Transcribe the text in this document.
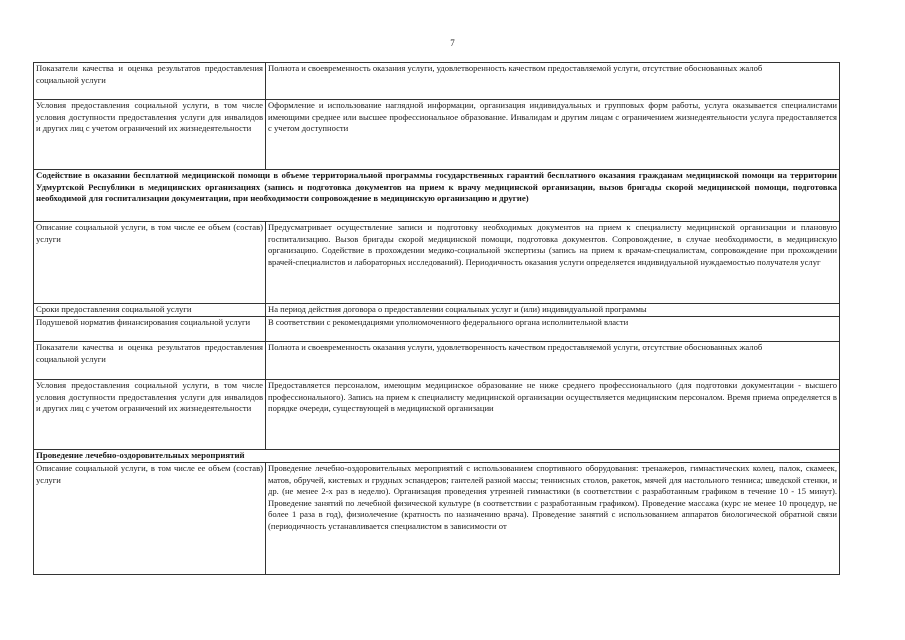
7
Показатели качества и оценка результатов предоставления социальной услуги	Полнота и своевременность оказания услуги, удовлетворенность качеством предоставляемой услуги, отсутствие обоснованных жалоб
Условия предоставления социальной услуги, в том числе условия доступности предоставления услуги для инвалидов и других лиц с учетом ограничений их жизнедеятельности	Оформление и использование наглядной информации, организация индивидуальных и групповых форм работы, услуга оказывается специалистами имеющими среднее или высшее профессиональное образование. Инвалидам и другим лицам с ограничением жизнедеятельности услуга предоставляется с учетом доступности
Содействие в оказании бесплатной медицинской помощи в объеме территориальной программы государственных гарантий бесплатного оказания гражданам медицинской помощи на территории Удмуртской Республики в медицинских организациях (запись и подготовка документов на прием к врачу медицинской организации, вызов бригады скорой медицинской помощи, подготовка необходимой для госпитализации документации, при необходимости сопровождение в медицинскую организацию и другие)	
Описание социальной услуги, в том числе ее объем (состав) услуги	Предусматривает осуществление записи и подготовку необходимых документов на прием к специалисту медицинской организации и плановую госпитализацию. Вызов бригады скорой медицинской помощи, подготовка документов. Сопровождение, в случае необходимости, в медицинскую организацию. Содействие в прохождении медико-социальной экспертизы (запись на прием к врачам-специалистам, сопровождение при прохождении врачей-специалистов и лабораторных исследований). Периодичность оказания услуги определяется индивидуальной нуждаемостью получателя услуг
Сроки предоставления социальной услуги	На период действия договора о предоставлении социальных услуг и (или) индивидуальной программы
Подушевой норматив финансирования социальной услуги	В соответствии с рекомендациями уполномоченного федерального органа исполнительной власти
Показатели качества и оценка результатов предоставления социальной услуги	Полнота и своевременность оказания услуги, удовлетворенность качеством предоставляемой услуги, отсутствие обоснованных жалоб
Условия предоставления социальной услуги, в том числе условия доступности предоставления услуги для инвалидов и других лиц с учетом ограничений их жизнедеятельности	Предоставляется персоналом, имеющим медицинское образование не ниже среднего профессионального (для подготовки документации - высшего профессионального). Запись на прием к специалисту медицинской организации осуществляется медицинским персоналом. Время приема определяется в порядке очереди, существующей в медицинской организации
Проведение лечебно-оздоровительных мероприятий	
Описание социальной услуги, в том числе ее объем (состав) услуги	Проведение лечебно-оздоровительных мероприятий с использованием спортивного оборудования: тренажеров, гимнастических колец, палок, скамеек, матов, обручей, кистевых и грудных эспандеров; гантелей разной массы; теннисных столов, ракеток, мячей для настольного тенниса; шведской стенки, и др. (не менее 2-х раз в неделю). Организация проведения утренней гимнастики (в соответствии с разработанным графиком в течение 10 - 15 минут). Проведение занятий по лечебной физической культуре (в соответствии с разработанным графиком). Проведение массажа (курс не менее 10 процедур, не более 1 раза в год), физиолечение (кратность по назначению врача). Проведение занятий с использованием аппаратов биологической обратной связи (периодичность устанавливается специалистом в зависимости от
